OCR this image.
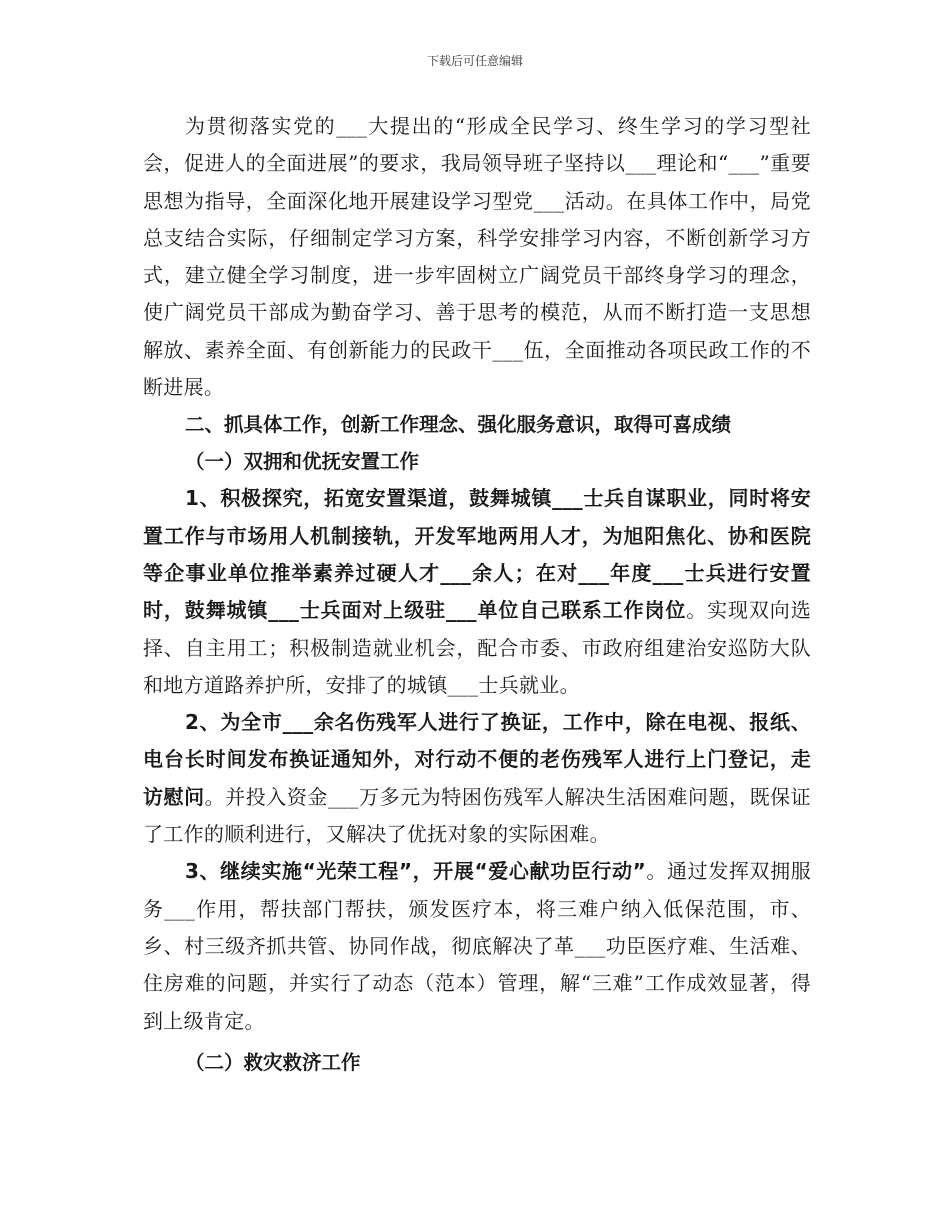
下载后可任意编辑

为贯彻落实党的___大提出的“形成全民学习、终生学习的学习型社会，促进人的全面进展”的要求，我局领导班子坚持以___理论和“___”重要思想为指导，全面深化地开展建设学习型党___活动。在具体工作中，局党总支结合实际，仔细制定学习方案，科学安排学习内容，不断创新学习方式，建立健全学习制度，进一步牢固树立广阔党员干部终身学习的理念，使广阔党员干部成为勤奋学习、善于思考的模范，从而不断打造一支思想解放、素养全面、有创新能力的民政干___伍，全面推动各项民政工作的不断进展。

二、抓具体工作，创新工作理念、强化服务意识，取得可喜成绩

（一）双拥和优抚安置工作

1、积极探究，拓宽安置渠道，鼓舞城镇___士兵自谋职业，同时将安置工作与市场用人机制接轨，开发军地两用人才，为旭阳焦化、协和医院等企事业单位推举素养过硬人才___余人；在对___年度___士兵进行安置时，鼓舞城镇___士兵面对上级驻___单位自己联系工作岗位。实现双向选择、自主用工；积极制造就业机会，配合市委、市政府组建治安巡防大队和地方道路养护所，安排了的城镇___士兵就业。

2、为全市___余名伤残军人进行了换证，工作中，除在电视、报纸、电台长时间发布换证通知外，对行动不便的老伤残军人进行上门登记，走访慰问。并投入资金___万多元为特困伤残军人解决生活困难问题，既保证了工作的顺利进行，又解决了优抚对象的实际困难。

3、继续实施“光荣工程”，开展“爱心献功臣行动”。通过发挥双拥服务___作用，帮扶部门帮扶，颁发医疗本，将三难户纳入低保范围，市、乡、村三级齐抓共管、协同作战，彻底解决了革___功臣医疗难、生活难、住房难的问题，并实行了动态（范本）管理，解“三难”工作成效显著，得到上级肯定。

（二）救灾救济工作
